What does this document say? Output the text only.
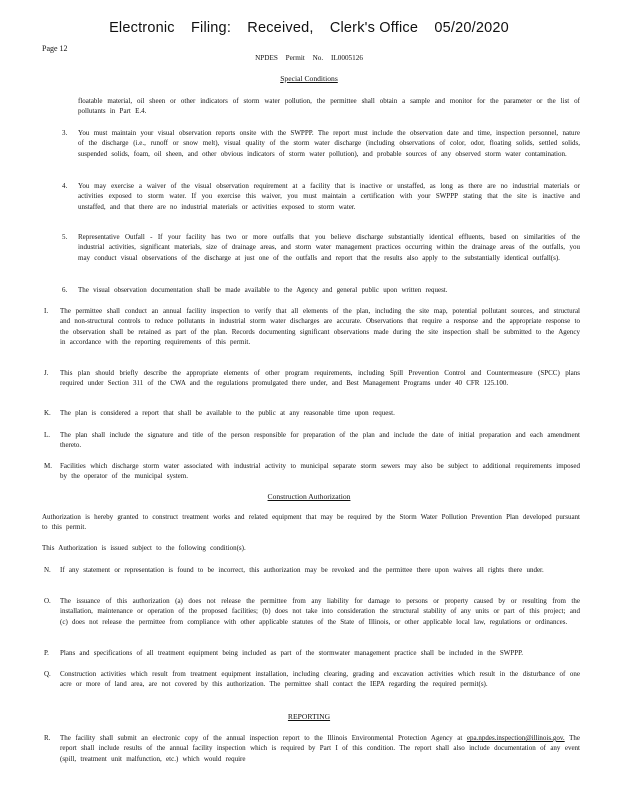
Electronic Filing: Received, Clerk's Office 05/20/2020
Page 12
NPDES Permit No. IL0005126
Special Conditions
floatable material, oil sheen or other indicators of storm water pollution, the permittee shall obtain a sample and monitor for the parameter or the list of pollutants in Part E.4.
3. You must maintain your visual observation reports onsite with the SWPPP. The report must include the observation date and time, inspection personnel, nature of the discharge (i.e., runoff or snow melt), visual quality of the storm water discharge (including observations of color, odor, floating solids, settled solids, suspended solids, foam, oil sheen, and other obvious indicators of storm water pollution), and probable sources of any observed storm water contamination.
4. You may exercise a waiver of the visual observation requirement at a facility that is inactive or unstaffed, as long as there are no industrial materials or activities exposed to storm water. If you exercise this waiver, you must maintain a certification with your SWPPP stating that the site is inactive and unstaffed, and that there are no industrial materials or activities exposed to storm water.
5. Representative Outfall - If your facility has two or more outfalls that you believe discharge substantially identical effluents, based on similarities of the industrial activities, significant materials, size of drainage areas, and storm water management practices occurring within the drainage areas of the outfalls, you may conduct visual observations of the discharge at just one of the outfalls and report that the results also apply to the substantially identical outfall(s).
6. The visual observation documentation shall be made available to the Agency and general public upon written request.
I. The permittee shall conduct an annual facility inspection to verify that all elements of the plan, including the site map, potential pollutant sources, and structural and non-structural controls to reduce pollutants in industrial storm water discharges are accurate. Observations that require a response and the appropriate response to the observation shall be retained as part of the plan. Records documenting significant observations made during the site inspection shall be submitted to the Agency in accordance with the reporting requirements of this permit.
J. This plan should briefly describe the appropriate elements of other program requirements, including Spill Prevention Control and Countermeasure (SPCC) plans required under Section 311 of the CWA and the regulations promulgated there under, and Best Management Programs under 40 CFR 125.100.
K. The plan is considered a report that shall be available to the public at any reasonable time upon request.
L. The plan shall include the signature and title of the person responsible for preparation of the plan and include the date of initial preparation and each amendment thereto.
M. Facilities which discharge storm water associated with industrial activity to municipal separate storm sewers may also be subject to additional requirements imposed by the operator of the municipal system.
Construction Authorization
Authorization is hereby granted to construct treatment works and related equipment that may be required by the Storm Water Pollution Prevention Plan developed pursuant to this permit.
This Authorization is issued subject to the following condition(s).
N. If any statement or representation is found to be incorrect, this authorization may be revoked and the permittee there upon waives all rights there under.
O. The issuance of this authorization (a) does not release the permittee from any liability for damage to persons or property caused by or resulting from the installation, maintenance or operation of the proposed facilities; (b) does not take into consideration the structural stability of any units or part of this project; and (c) does not release the permittee from compliance with other applicable statutes of the State of Illinois, or other applicable local law, regulations or ordinances.
P. Plans and specifications of all treatment equipment being included as part of the stormwater management practice shall be included in the SWPPP.
Q. Construction activities which result from treatment equipment installation, including clearing, grading and excavation activities which result in the disturbance of one acre or more of land area, are not covered by this authorization. The permittee shall contact the IEPA regarding the required permit(s).
REPORTING
R. The facility shall submit an electronic copy of the annual inspection report to the Illinois Environmental Protection Agency at epa.npdes.inspection@illinois.gov. The report shall include results of the annual facility inspection which is required by Part I of this condition. The report shall also include documentation of any event (spill, treatment unit malfunction, etc.) which would require
